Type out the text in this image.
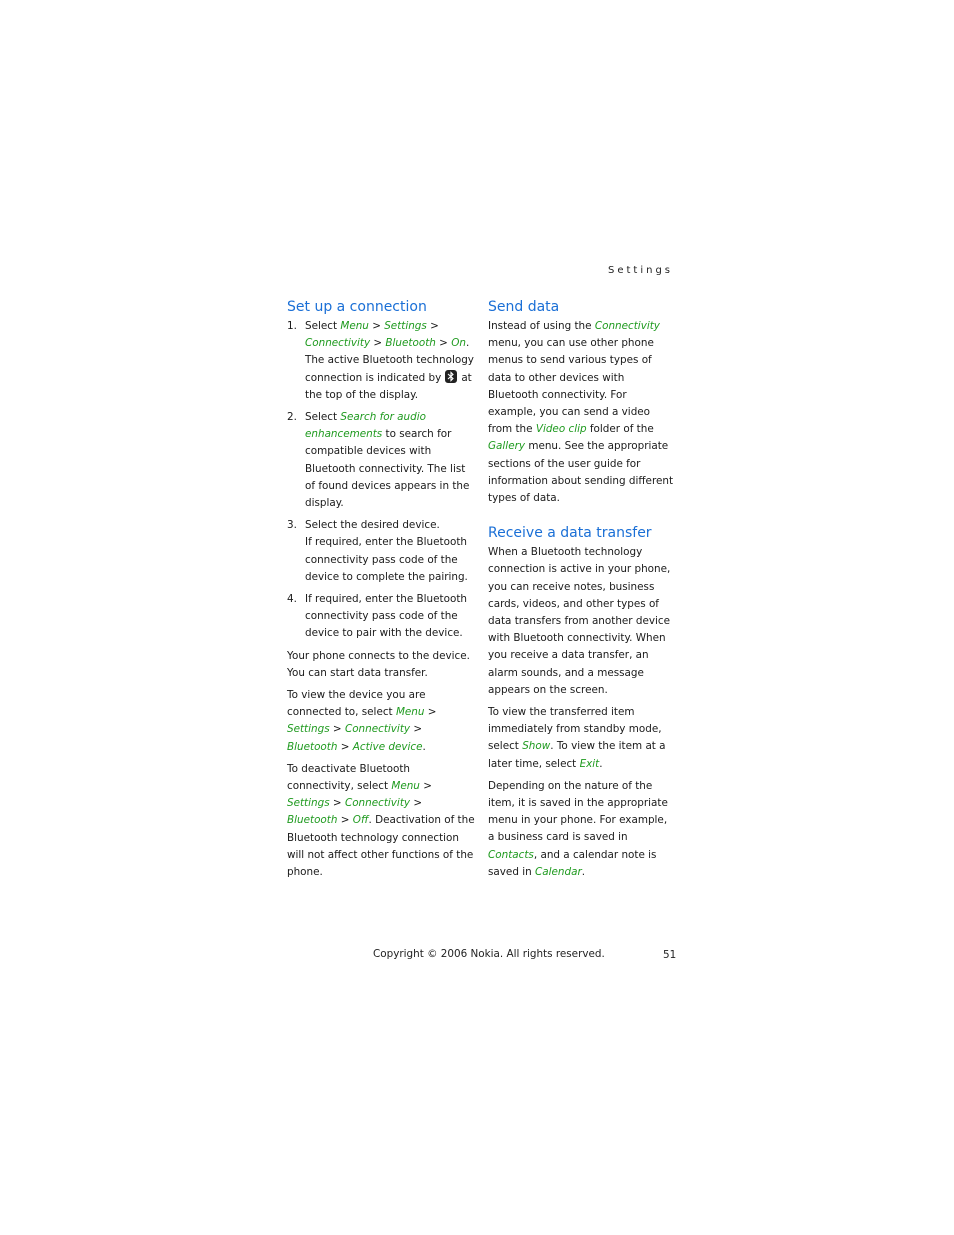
Settings
Set up a connection
1. Select Menu > Settings > Connectivity > Bluetooth > On.
The active Bluetooth technology connection is indicated by at the top of the display.
2. Select Search for audio enhancements to search for compatible devices with Bluetooth connectivity. The list of found devices appears in the display.
3. Select the desired device.
If required, enter the Bluetooth connectivity pass code of the device to complete the pairing.
4. If required, enter the Bluetooth connectivity pass code of the device to pair with the device.

Your phone connects to the device. You can start data transfer.

To view the device you are connected to, select Menu > Settings > Connectivity > Bluetooth > Active device.

To deactivate Bluetooth connectivity, select Menu > Settings > Connectivity > Bluetooth > Off. Deactivation of the Bluetooth technology connection will not affect other functions of the phone.

Send data

Instead of using the Connectivity menu, you can use other phone menus to send various types of data to other devices with Bluetooth connectivity. For example, you can send a video from the Video clip folder of the Gallery menu. See the appropriate sections of the user guide for information about sending different types of data.

Receive a data transfer

When a Bluetooth technology connection is active in your phone, you can receive notes, business cards, videos, and other types of data transfers from another device with Bluetooth connectivity. When you receive a data transfer, an alarm sounds, and a message appears on the screen.

To view the transferred item immediately from standby mode, select Show. To view the item at a later time, select Exit.

Depending on the nature of the item, it is saved in the appropriate menu in your phone. For example, a business card is saved in Contacts, and a calendar note is saved in Calendar.

Copyright © 2006 Nokia. All rights reserved.	51
